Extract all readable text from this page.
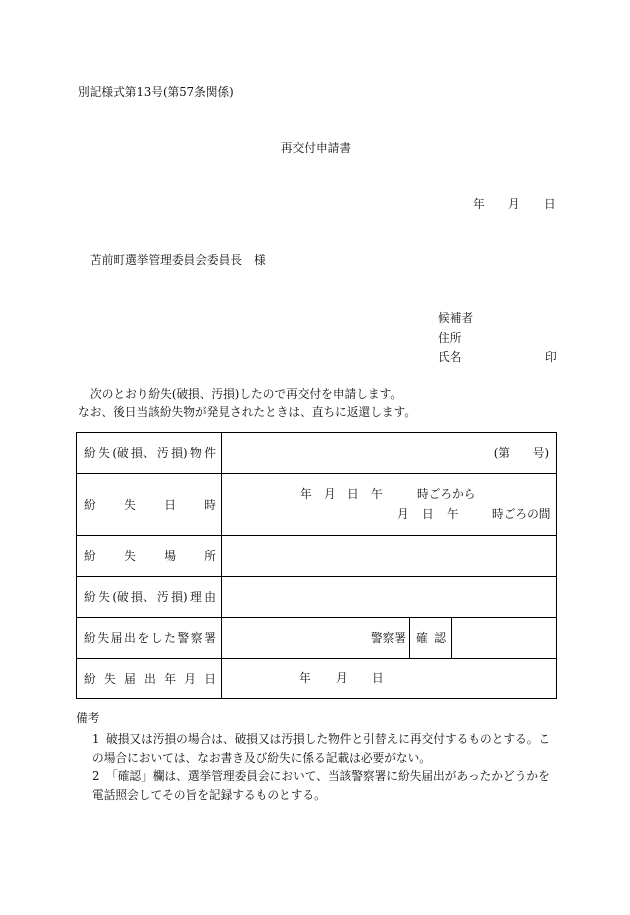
別記様式第13号(第57条関係)
再交付申請書
年 月 日
苫前町選挙管理委員会委員長 様
候補者
住所
氏名	印
次のとおり紛失(破損、汚損)したので再交付を申請します。
なお、後日当該紛失物が発見されたときは、直ちに返還します。
紛 失 (破 損、 汚 損) 物 件	(第 号)
紛 失 日 時
年 月 日 午	時ごろから
月 日 午	時ごろの間
紛 失 場 所
紛 失 (破 損、 汚 損) 理 由
紛 失 届 出 を し た 警 察 署	警察署 確 認
紛 失 届 出 年 月 日	年 月 日
備考

1 破損又は汚損の場合は、破損又は汚損した物件と引替えに再交付するものとする。この場合においては、なお書き及び紛失に係る記載は必要がない。

2 「確認」欄は、選挙管理委員会において、当該警察署に紛失届出があったかどうかを電話照会してその旨を記録するものとする。
